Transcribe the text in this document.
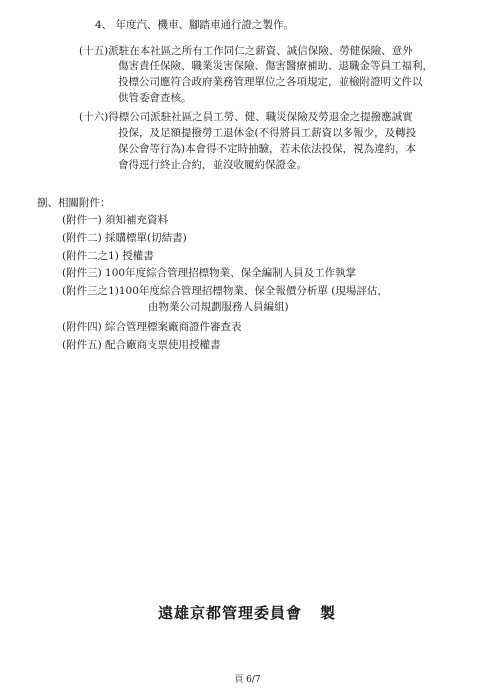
4、 年度汽、機車、腳踏車通行證之製作。
(十五)派駐在本社區之所有工作同仁之薪資、誠信保險、勞健保險、意外
傷害責任保險、職業災害保險、傷害醫療補助、退職金等員工福利，
投標公司應符合政府業務管理單位之各項規定，並檢附證明文件以
供管委會查核。
(十六)得標公司派駐社區之員工勞、健、職災保險及勞退金之提撥應誠實
投保，及足額提撥勞工退休金(不得將員工薪資以多報少，及轉投
保公會等行為)本會得不定時抽驗，若未依法投保，視為違約，本
會得逕行終止合約，並沒收履約保證金。
捌、相關附件：
(附件一) 須知補充資料
(附件二) 採購標單(切結書)
(附件二之1) 授權書
(附件三) 100年度綜合管理招標物業、保全編制人員及工作執掌
(附件三之1)100年度綜合管理招標物業、保全報價分析單 (現場評估，
由物業公司規劃服務人員編組)
(附件四) 綜合管理標案廠商證件審查表
(附件五) 配合廠商支票使用授權書
遠雄京都管理委員會 製
頁 6/7
